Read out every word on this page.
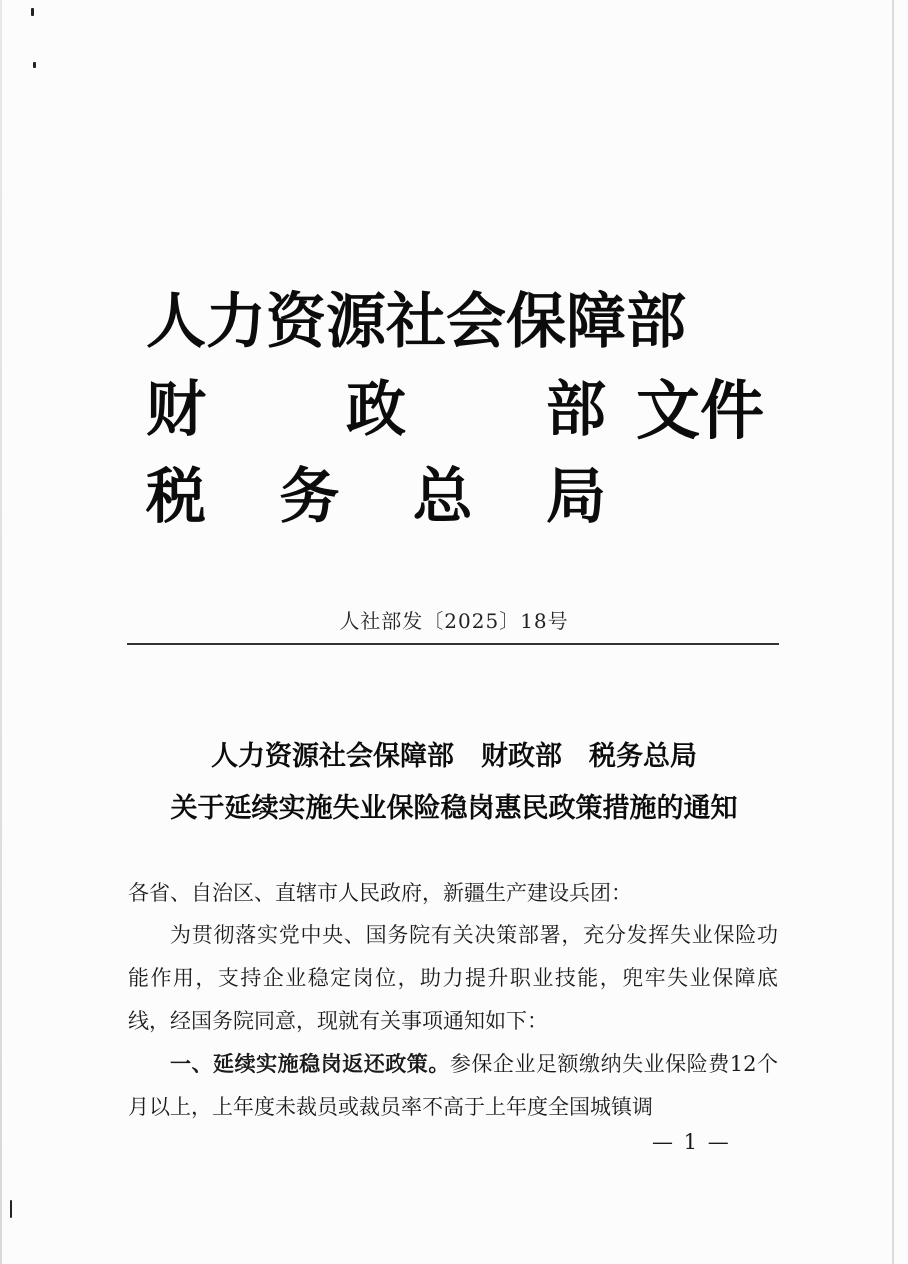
人力资源社会保障部
财 政 部 文件
税 务 总 局
人社部发〔2025〕18号
人力资源社会保障部　财政部　税务总局
关于延续实施失业保险稳岗惠民政策措施的通知
各省、自治区、直辖市人民政府，新疆生产建设兵团：
为贯彻落实党中央、国务院有关决策部署，充分发挥失业保险功能作用，支持企业稳定岗位，助力提升职业技能，兜牢失业保障底线，经国务院同意，现就有关事项通知如下：
一、延续实施稳岗返还政策。参保企业足额缴纳失业保险费12个月以上，上年度未裁员或裁员率不高于上年度全国城镇调
— 1 —
